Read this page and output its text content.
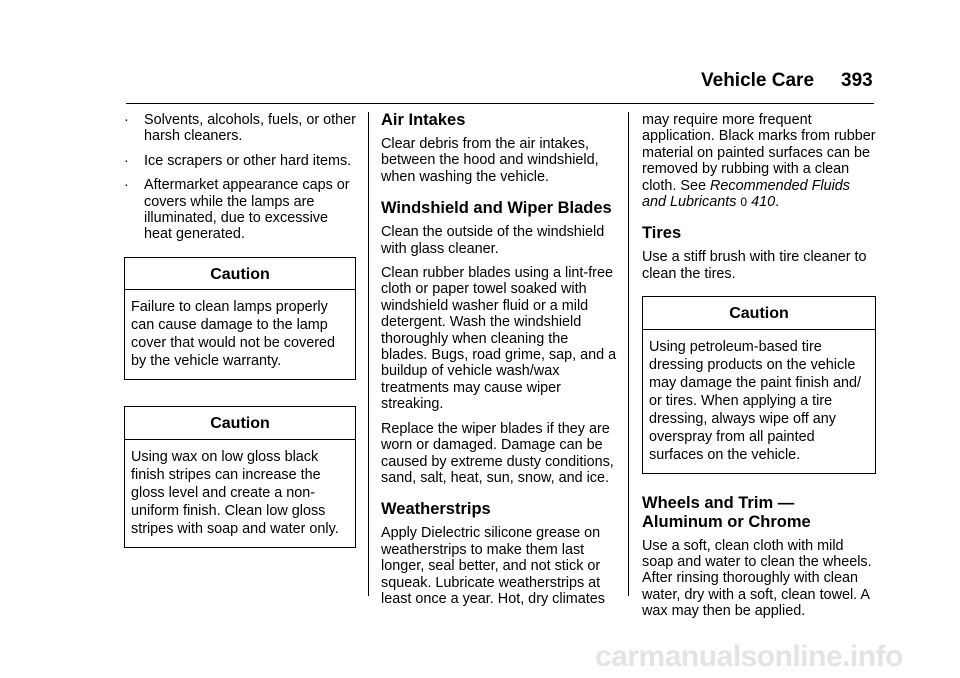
Vehicle Care 393
· Solvents, alcohols, fuels, or other harsh cleaners.
· Ice scrapers or other hard items.
· Aftermarket appearance caps or covers while the lamps are illuminated, due to excessive heat generated.
Caution
Failure to clean lamps properly can cause damage to the lamp cover that would not be covered by the vehicle warranty.
Caution
Using wax on low gloss black finish stripes can increase the gloss level and create a non-uniform finish. Clean low gloss stripes with soap and water only.
Air Intakes

Clear debris from the air intakes, between the hood and windshield, when washing the vehicle.

Windshield and Wiper Blades

Clean the outside of the windshield with glass cleaner.

Clean rubber blades using a lint-free cloth or paper towel soaked with windshield washer fluid or a mild detergent. Wash the windshield thoroughly when cleaning the blades. Bugs, road grime, sap, and a buildup of vehicle wash/wax treatments may cause wiper streaking.

Replace the wiper blades if they are worn or damaged. Damage can be caused by extreme dusty conditions, sand, salt, heat, sun, snow, and ice.

Weatherstrips

Apply Dielectric silicone grease on weatherstrips to make them last longer, seal better, and not stick or squeak. Lubricate weatherstrips at least once a year. Hot, dry climates

may require more frequent application. Black marks from rubber material on painted surfaces can be removed by rubbing with a clean cloth. See Recommended Fluids and Lubricants 0 410.

Tires

Use a stiff brush with tire cleaner to clean the tires.

Caution
Using petroleum-based tire dressing products on the vehicle may damage the paint finish and/ or tires. When applying a tire dressing, always wipe off any overspray from all painted surfaces on the vehicle.
Wheels and Trim — Aluminum or Chrome

Use a soft, clean cloth with mild soap and water to clean the wheels. After rinsing thoroughly with clean water, dry with a soft, clean towel. A wax may then be applied.

carmanualsonline.info
